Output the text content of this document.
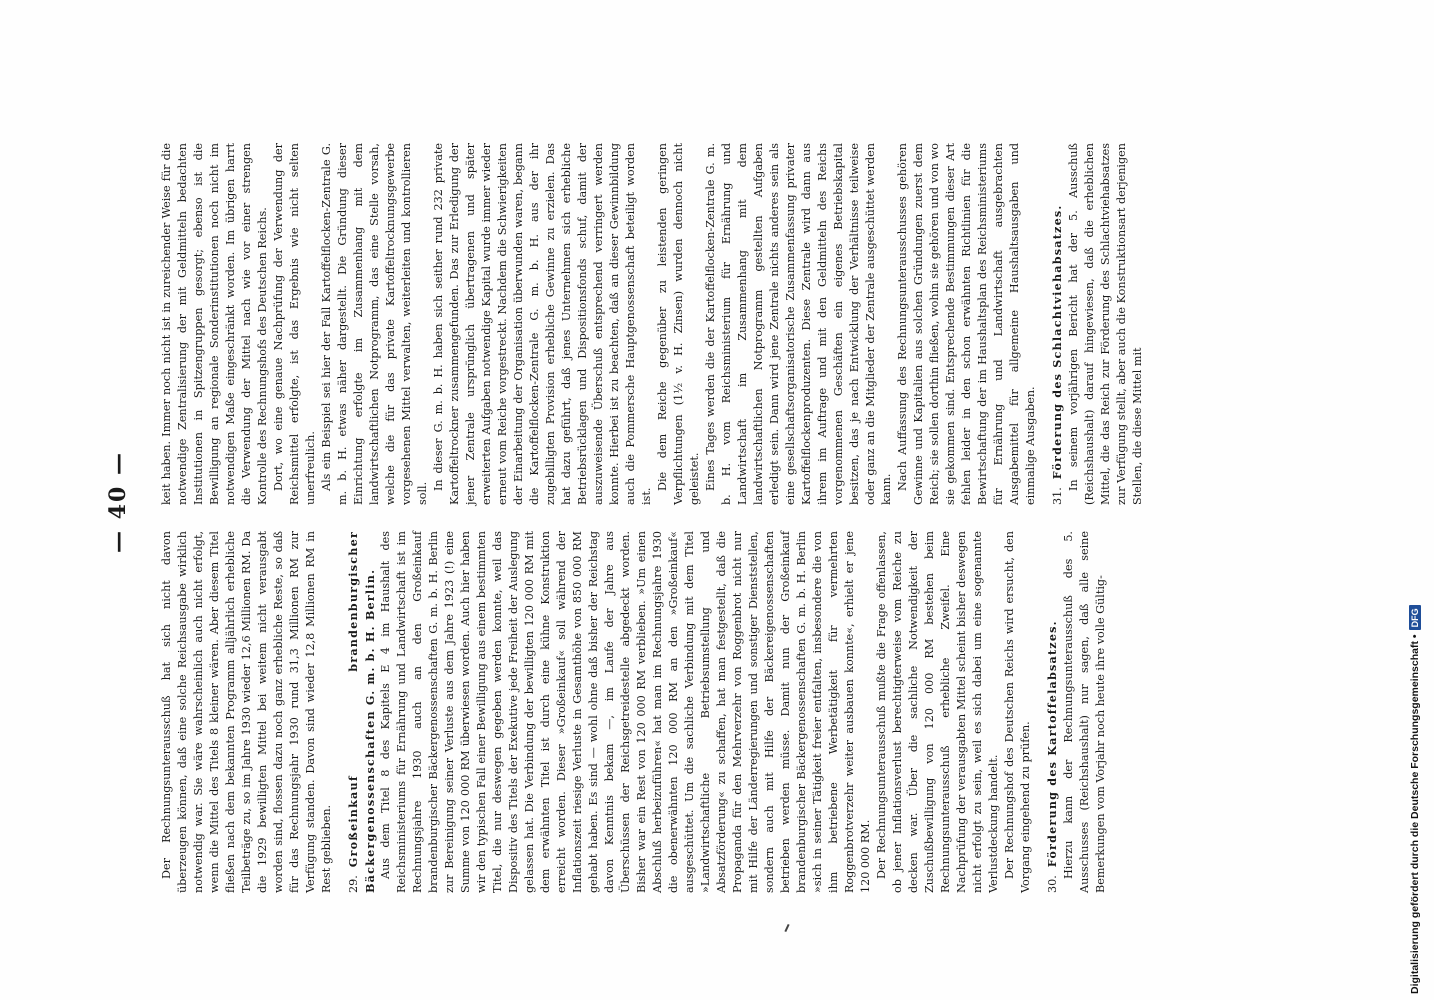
— 40 —

Der Rechnungsunterausschuß hat sich nicht davon überzeugen können, daß eine solche Reichsausgabe wirklich notwendig war. Sie wäre wahrscheinlich auch nicht erfolgt, wenn die Mittel des Titels 8 kleiner wären. Aber diesem Titel fließen nach dem bekannten Programm alljährlich erhebliche Teilbeträge zu, so im Jahre 1930 wieder 12,6 Millionen RM. Da die 1929 bewilligten Mittel bei weitem nicht verausgabt worden sind, flossen dazu noch ganz erhebliche Reste, so daß für das Rechnungsjahr 1930 rund 31,3 Millionen RM zur Verfügung standen. Davon sind wieder 12,8 Millionen RM in Rest geblieben. 29.Großeinkauf brandenburgischer Bäckergenossenschaften G. m. b. H. Berlin. Aus dem Titel 8 des Kapitels E 4 im Haushalt des Reichsministeriums für Ernährung und Landwirtschaft ist im Rechnungsjahre 1930 auch an den Großeinkauf brandenburgischer Bäckergenossenschaften G. m. b. H. Berlin zur Bereinigung seiner Verluste aus dem Jahre 1923 (!) eine Summe von 120 000 RM überwiesen worden. Auch hier haben wir den typischen Fall einer Bewilligung aus einem bestimmten Titel, die nur deswegen gegeben werden konnte, weil das Dispositiv des Titels der Exekutive jede Freiheit der Auslegung gelassen hat. Die Verbindung der bewilligten 120 000 RM mit dem erwähnten Titel ist durch eine kühne Konstruktion erreicht worden. Dieser »Großeinkauf« soll während der Inflationszeit riesige Verluste in Gesamthöhe von 850 000 RM gehabt haben. Es sind — wohl ohne daß bisher der Reichstag davon Kenntnis bekam —, im Laufe der Jahre aus Überschüssen der Reichsgetreidestelle abgedeckt worden. Bisher war ein Rest von 120 000 RM verblieben. »Um einen Abschluß herbeizuführen« hat man im Rechnungsjahre 1930 die obenerwähnten 120 000 RM an den »Großeinkauf« ausgeschüttet. Um die sachliche Verbindung mit dem Titel »Landwirtschaftliche Betriebsumstellung und Absatzförderung« zu schaffen, hat man festgestellt, daß die Propaganda für den Mehrverzehr von Roggenbrot nicht nur mit Hilfe der Länderregierungen und sonstiger Dienststellen, sondern auch mit Hilfe der Bäckereigenossenschaften betrieben werden müsse. Damit nun der Großeinkauf brandenburgischer Bäckergenossenschaften G. m. b. H. Berlin »sich in seiner Tätigkeit freier entfalten, insbesondere die von ihm betriebene Werbetätigkeit für vermehrten Roggenbrotverzehr weiter ausbauen konnte«, erhielt er jene 120 000 RM. Der Rechnungsunterausschuß mußte die Frage offenlassen, ob jener Inflationsverlust berechtigterweise vom Reiche zu decken war. Über die sachliche Notwendigkeit der Zuschußbewilligung von 120 000 RM bestehen beim Rechnungsunterausschuß erhebliche Zweifel. Eine Nachprüfung der verausgabten Mittel scheint bisher deswegen nicht erfolgt zu sein, weil es sich dabei um eine sogenannte Verlustdeckung handelt. Der Rechnungshof des Deutschen Reichs wird ersucht, den Vorgang eingehend zu prüfen. 30.Förderung des Kartoffelabsatzes. Hierzu kann der Rechnungsunterausschuß des 5. Ausschusses (Reichshaushalt) nur sagen, daß alle seine Bemerkungen vom Vorjahr noch heute ihre volle Gültig-

keit haben. Immer noch nicht ist in zureichender Weise für die notwendige Zentralisierung der mit Geldmitteln bedachten Institutionen in Spitzengruppen gesorgt; ebenso ist die Bewilligung an regionale Sonderinstitutionen noch nicht im notwendigen Maße eingeschränkt worden. Im übrigen harrt die Verwendung der Mittel nach wie vor einer strengen Kontrolle des Rechnungshofs des Deutschen Reichs. Dort, wo eine genaue Nachprüfung der Verwendung der Reichsmittel erfolgte, ist das Ergebnis wie nicht selten unerfreulich. Als ein Beispiel sei hier der Fall Kartoffelflocken-Zentrale G. m. b. H. etwas näher dargestellt. Die Gründung dieser Einrichtung erfolgte im Zusammenhang mit dem landwirtschaftlichen Notprogramm, das eine Stelle vorsah, welche die für das private Kartoffeltrocknungsgewerbe vorgesehenen Mittel verwalten, weiterleiten und kontrollieren soll.

In dieser G. m. b. H. haben sich seither rund 232 private Kartoffeltrockner zusammengefunden. Das zur Erledigung der jener Zentrale ursprünglich übertragenen und später erweiterten Aufgaben notwendige Kapital wurde immer wieder erneut vom Reiche vorgestreckt. Nachdem die Schwierigkeiten der Einarbeitung der Organisation überwunden waren, begann die Kartoffelflocken-Zentrale G. m. b. H. aus der ihr zugebilligten Provision erhebliche Gewinne zu erzielen. Das hat dazu geführt, daß jenes Unternehmen sich erhebliche Betriebsrücklagen und Dispositionsfonds schuf, damit der auszuweisende Überschuß entsprechend verringert werden konnte. Hierbei ist zu beachten, daß an dieser Gewinnbildung auch die Pommersche Hauptgenossenschaft beteiligt worden ist.

Die dem Reiche gegenüber zu leistenden geringen Verpflichtungen (1½ v. H. Zinsen) wurden dennoch nicht geleistet. Eines Tages werden die der Kartoffelflocken-Zentrale G. m. b. H. vom Reichsministerium für Ernährung und Landwirtschaft im Zusammenhang mit dem landwirtschaftlichen Notprogramm gestellten Aufgaben erledigt sein. Dann wird jene Zentrale nichts anderes sein als eine gesellschaftsorganisatorische Zusammenfassung privater Kartoffelflockenproduzenten. Diese Zentrale wird dann aus ihrem im Auftrage und mit den Geldmitteln des Reichs vorgenommenen Geschäften ein eigenes Betriebskapital besitzen, das je nach Entwicklung der Verhältnisse teilweise oder ganz an die Mitglieder der Zentrale ausgeschüttet werden kann. Nach Auffassung des Rechnungsunterausschusses gehören Gewinne und Kapitalien aus solchen Gründungen zuerst dem Reich; sie sollen dorthin fließen, wohin sie gehören und von wo sie gekommen sind. Entsprechende Bestimmungen dieser Art fehlen leider in den schon erwähnten Richtlinien für die Bewirtschaftung der im Haushaltsplan des Reichsministeriums für Ernährung und Landwirtschaft ausgebrachten Ausgabemittel für allgemeine Haushaltsausgaben und einmalige Ausgaben. 31.Förderung des Schlachtviehabsatzes. In seinem vorjährigen Bericht hat der 5. Ausschuß (Reichshaushalt) darauf hingewiesen, daß die erheblichen Mittel, die das Reich zur Förderung des Schlachtviehabsatzes zur Verfügung stellt, aber auch die Konstruktionsart derjenigen Stellen, die diese Mittel mit

Digitalisierung gefördert durch die Deutsche Forschungsgemeinschaft •
DFG
